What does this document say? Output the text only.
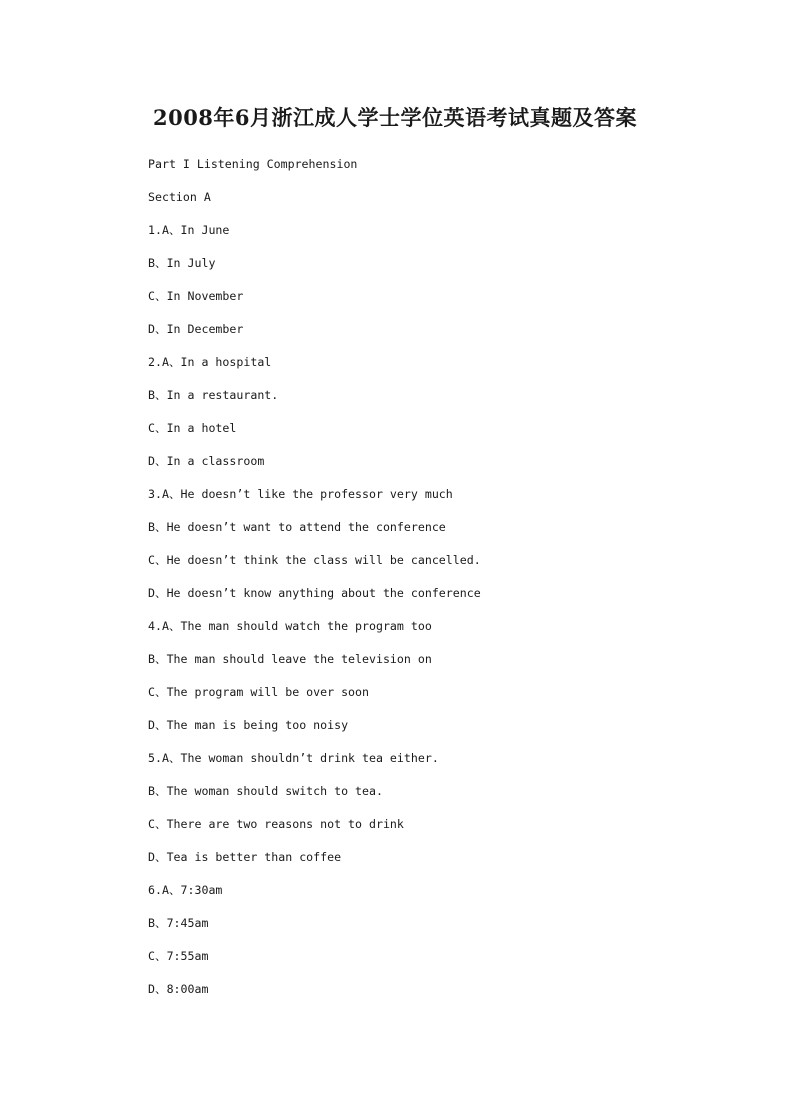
2008年6月浙江成人学士学位英语考试真题及答案
Part I Listening Comprehension
Section A
1.A、In June
B、In July
C、In November
D、In December
2.A、In a hospital
B、In a restaurant.
C、In a hotel
D、In a classroom
3.A、He doesn’t like the professor very much
B、He doesn’t want to attend the conference
C、He doesn’t think the class will be cancelled.
D、He doesn’t know anything about the conference
4.A、The man should watch the program too
B、The man should leave the television on
C、The program will be over soon
D、The man is being too noisy
5.A、The woman shouldn’t drink tea either.
B、The woman should switch to tea.
C、There are two reasons not to drink
D、Tea is better than coffee
6.A、7:30am
B、7:45am
C、7:55am
D、8:00am
